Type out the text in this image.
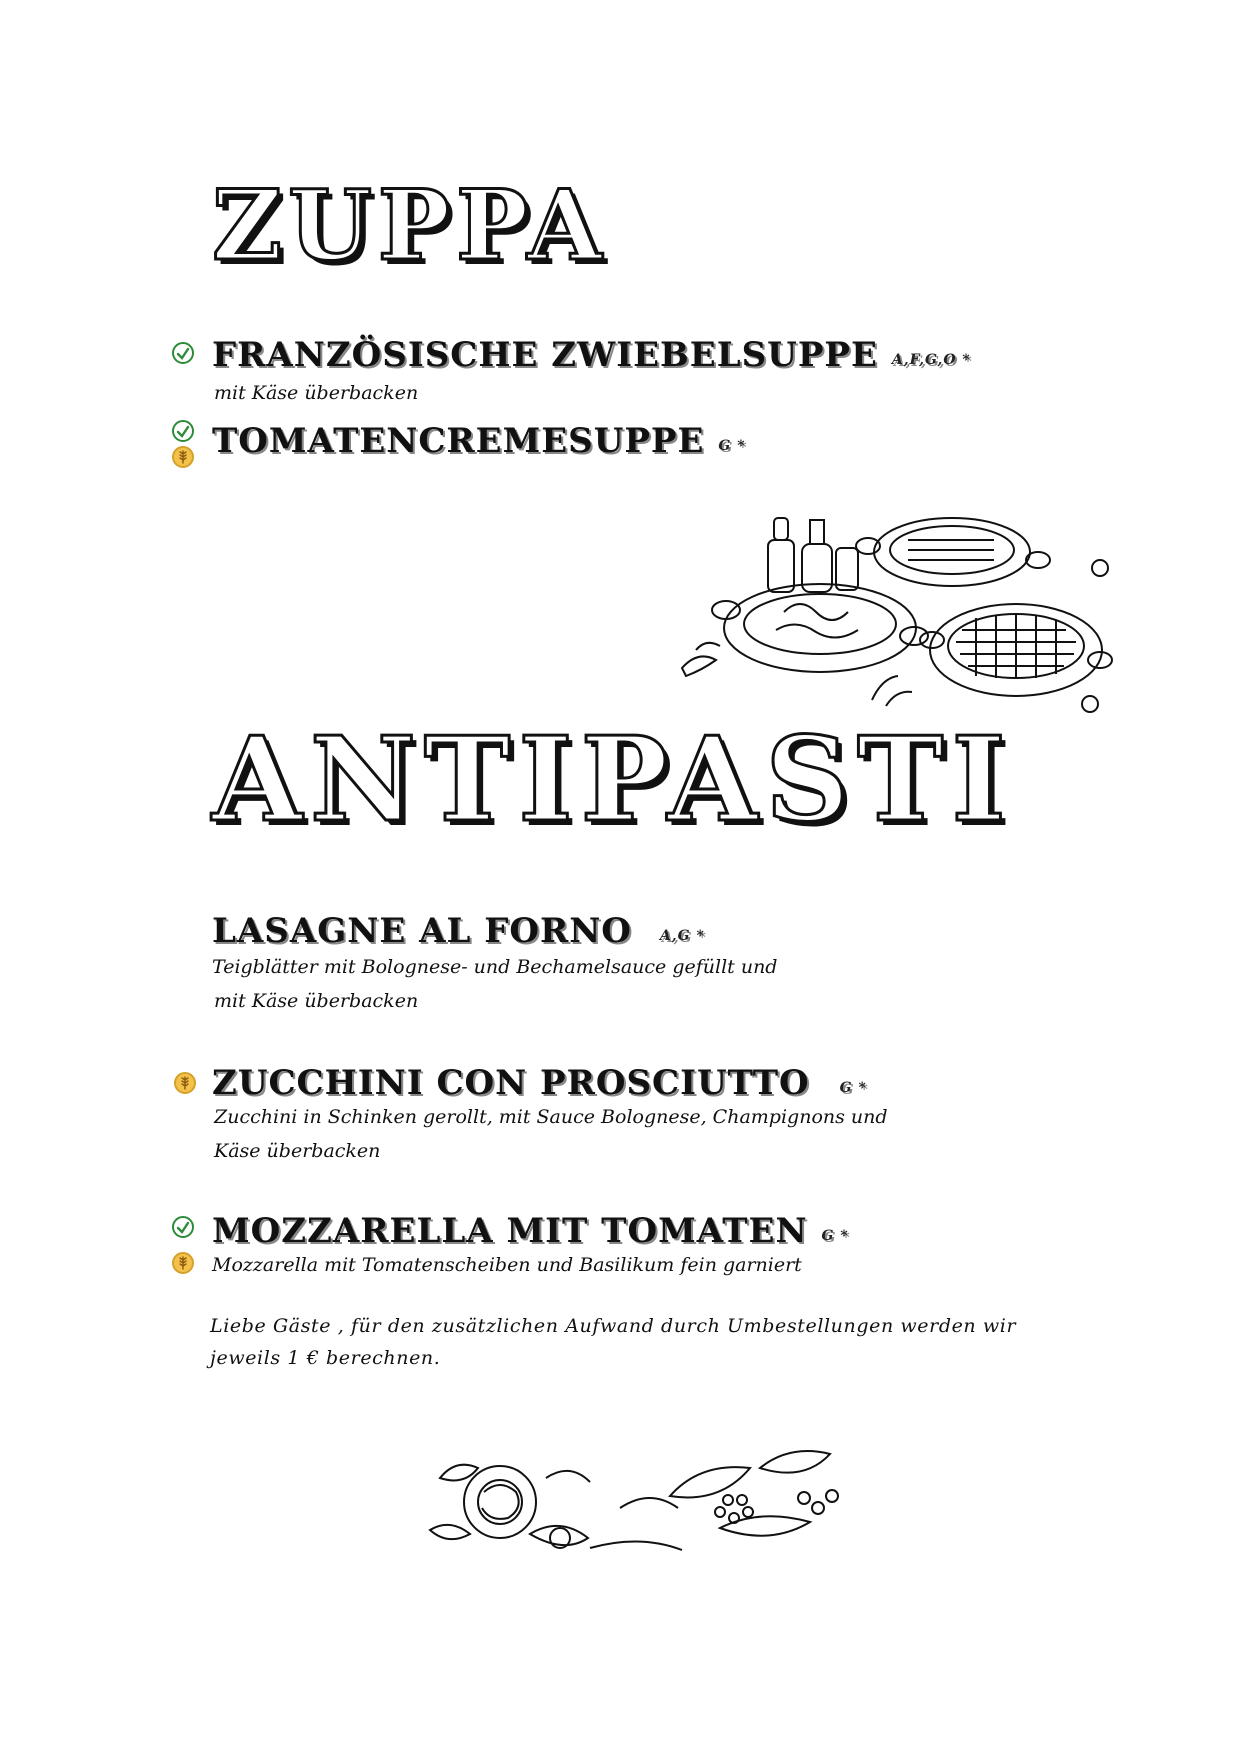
ZUPPA
FRANZÖSISCHE ZWIEBELSUPPE A,F,G,O *
mit Käse überbacken
TOMATENCREMESUPPE G *
ANTIPASTI
LASAGNE AL FORNO A,G *
Teigblätter mit Bolognese- und Bechamelsauce gefüllt und
mit Käse überbacken
ZUCCHINI CON PROSCIUTTO G *
Zucchini in Schinken gerollt, mit Sauce Bolognese, Champignons und
Käse überbacken
MOZZARELLA MIT TOMATEN G *
Mozzarella mit Tomatenscheiben und Basilikum fein garniert
Liebe Gäste , für den zusätzlichen Aufwand durch Umbestellungen werden wir
jeweils 1 € berechnen.
